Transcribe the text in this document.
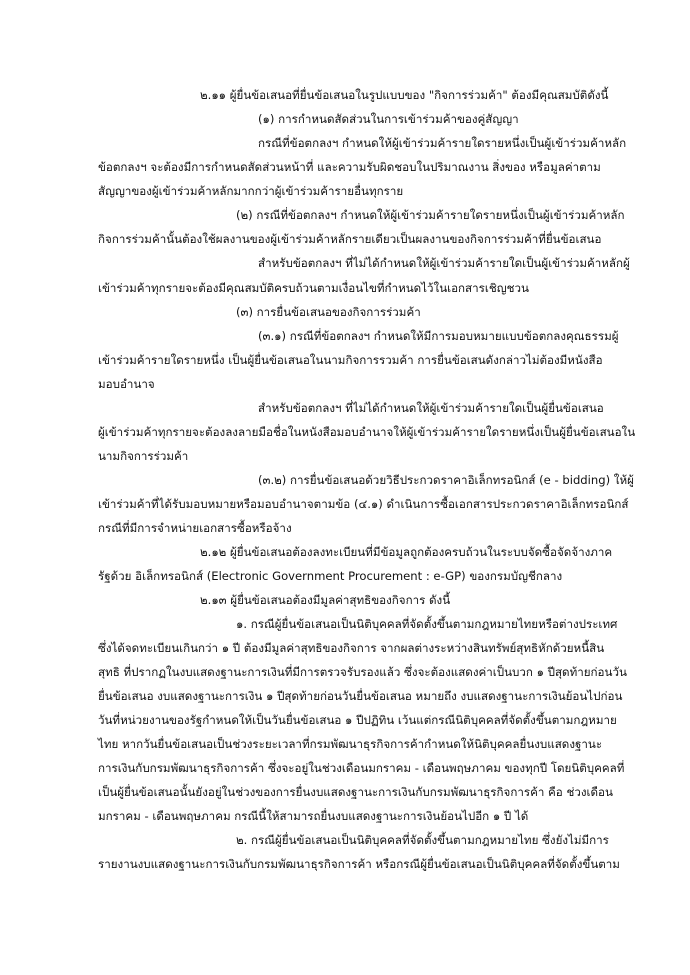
๒.๑๑ ผู้ยื่นข้อเสนอที่ยื่นข้อเสนอในรูปแบบของ "กิจการร่วมค้า" ต้องมีคุณสมบัติดังนี้

(๑) การกำหนดสัดส่วนในการเข้าร่วมค้าของคู่สัญญา

กรณีที่ข้อตกลงฯ กำหนดให้ผู้เข้าร่วมค้ารายใดรายหนึ่งเป็นผู้เข้าร่วมค้าหลัก

ข้อตกลงฯ จะต้องมีการกำหนดสัดส่วนหน้าที่ และความรับผิดชอบในปริมาณงาน สิ่งของ หรือมูลค่าตาม

สัญญาของผู้เข้าร่วมค้าหลักมากกว่าผู้เข้าร่วมค้ารายอื่นทุกราย

(๒) กรณีที่ข้อตกลงฯ กำหนดให้ผู้เข้าร่วมค้ารายใดรายหนึ่งเป็นผู้เข้าร่วมค้าหลัก

กิจการร่วมค้านั้นต้องใช้ผลงานของผู้เข้าร่วมค้าหลักรายเดียวเป็นผลงานของกิจการร่วมค้าที่ยื่นข้อเสนอ

สำหรับข้อตกลงฯ ที่ไม่ได้กำหนดให้ผู้เข้าร่วมค้ารายใดเป็นผู้เข้าร่วมค้าหลักผู้

เข้าร่วมค้าทุกรายจะต้องมีคุณสมบัติครบถ้วนตามเงื่อนไขที่กำหนดไว้ในเอกสารเชิญชวน

(๓) การยื่นข้อเสนอของกิจการร่วมค้า

(๓.๑) กรณีที่ข้อตกลงฯ กำหนดให้มีการมอบหมายแบบข้อตกลงคุณธรรมผู้

เข้าร่วมค้ารายใดรายหนึ่ง เป็นผู้ยื่นข้อเสนอในนามกิจการรวมค้า การยื่นข้อเสนดังกล่าวไม่ต้องมีหนังสือ

มอบอำนาจ

สำหรับข้อตกลงฯ ที่ไม่ได้กำหนดให้ผู้เข้าร่วมค้ารายใดเป็นผู้ยื่นข้อเสนอ

ผู้เข้าร่วมค้าทุกรายจะต้องลงลายมือชื่อในหนังสือมอบอำนาจให้ผู้เข้าร่วมค้ารายใดรายหนึ่งเป็นผู้ยื่นข้อเสนอใน

นามกิจการร่วมค้า

(๓.๒) การยื่นข้อเสนอด้วยวิธีประกวดราคาอิเล็กทรอนิกส์ (e - bidding) ให้ผู้

เข้าร่วมค้าที่ได้รับมอบหมายหรือมอบอำนาจตามข้อ (๔.๑) ดำเนินการซื้อเอกสารประกวดราคาอิเล็กทรอนิกส์

กรณีที่มีการจำหน่ายเอกสารซื้อหรือจ้าง

๒.๑๒ ผู้ยื่นข้อเสนอต้องลงทะเบียนที่มีข้อมูลถูกต้องครบถ้วนในระบบจัดซื้อจัดจ้างภาค

รัฐด้วย อิเล็กทรอนิกส์ (Electronic Government Procurement : e-GP) ของกรมบัญชีกลาง

๒.๑๓ ผู้ยื่นข้อเสนอต้องมีมูลค่าสุทธิของกิจการ ดังนี้

๑. กรณีผู้ยื่นข้อเสนอเป็นนิติบุคคลที่จัดตั้งขึ้นตามกฎหมายไทยหรือต่างประเทศ

ซึ่งได้จดทะเบียนเกินกว่า ๑ ปี ต้องมีมูลค่าสุทธิของกิจการ จากผลต่างระหว่างสินทรัพย์สุทธิหักด้วยหนี้สิน

สุทธิ ที่ปรากฏในงบแสดงฐานะการเงินที่มีการตรวจรับรองแล้ว ซึ่งจะต้องแสดงค่าเป็นบวก ๑ ปีสุดท้ายก่อนวัน

ยื่นข้อเสนอ งบแสดงฐานะการเงิน ๑ ปีสุดท้ายก่อนวันยื่นข้อเสนอ หมายถึง งบแสดงฐานะการเงินย้อนไปก่อน

วันที่หน่วยงานของรัฐกำหนดให้เป็นวันยื่นข้อเสนอ ๑ ปีปฏิทิน เว้นแต่กรณีนิติบุคคลที่จัดตั้งขึ้นตามกฎหมาย

ไทย หากวันยื่นข้อเสนอเป็นช่วงระยะเวลาที่กรมพัฒนาธุรกิจการค้ากำหนดให้นิติบุคคลยื่นงบแสดงฐานะ

การเงินกับกรมพัฒนาธุรกิจการค้า ซึ่งจะอยู่ในช่วงเดือนมกราคม - เดือนพฤษภาคม ของทุกปี โดยนิติบุคคลที่

เป็นผู้ยื่นข้อเสนอนั้นยังอยู่ในช่วงของการยื่นงบแสดงฐานะการเงินกับกรมพัฒนาธุรกิจการค้า คือ ช่วงเดือน

มกราคม - เดือนพฤษภาคม กรณีนี้ให้สามารถยื่นงบแสดงฐานะการเงินย้อนไปอีก ๑ ปี ได้

๒. กรณีผู้ยื่นข้อเสนอเป็นนิติบุคคลที่จัดตั้งขึ้นตามกฎหมายไทย ซึ่งยังไม่มีการ

รายงานงบแสดงฐานะการเงินกับกรมพัฒนาธุรกิจการค้า หรือกรณีผู้ยื่นข้อเสนอเป็นนิติบุคคลที่จัดตั้งขึ้นตาม
